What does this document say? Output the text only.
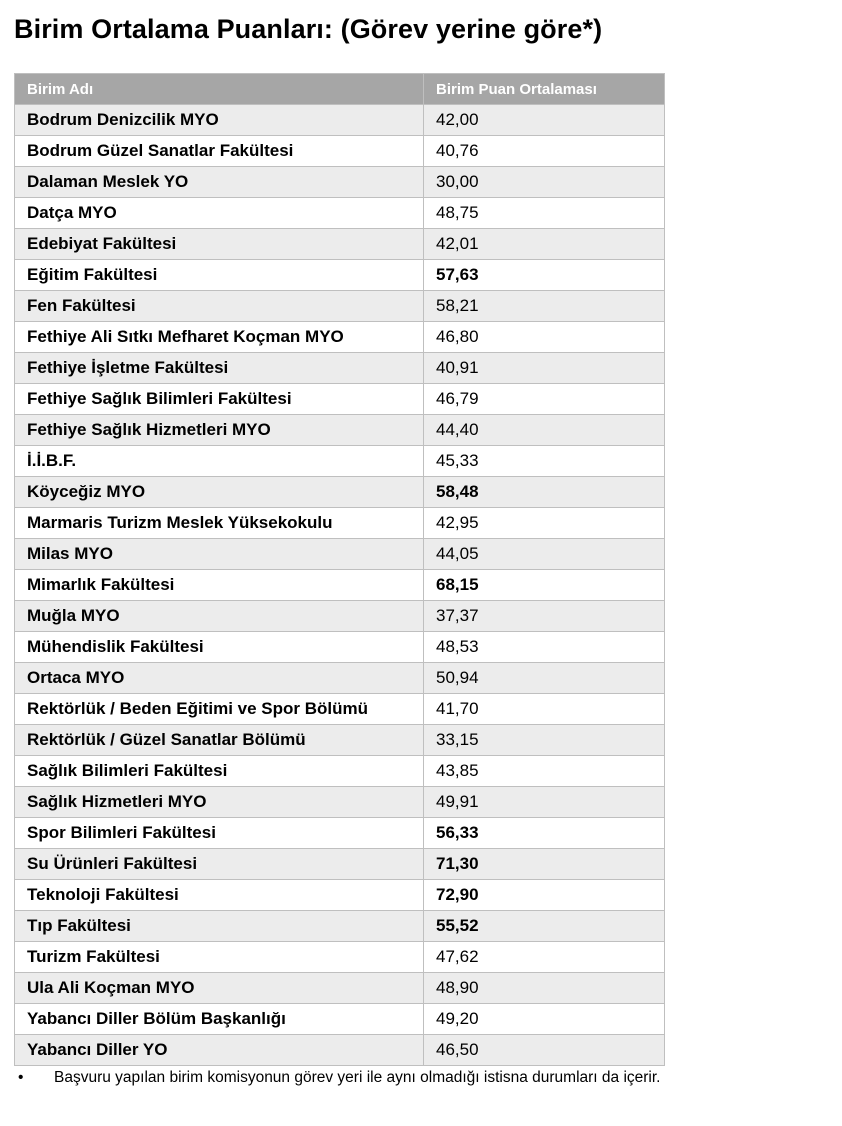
Birim Ortalama Puanları: (Görev yerine göre*)
Birim Adı	Birim Puan Ortalaması
Bodrum Denizcilik MYO	42,00
Bodrum Güzel Sanatlar Fakültesi	40,76
Dalaman Meslek YO	30,00
Datça MYO	48,75
Edebiyat Fakültesi	42,01
Eğitim Fakültesi	57,63
Fen Fakültesi	58,21
Fethiye Ali Sıtkı Mefharet Koçman MYO	46,80
Fethiye İşletme Fakültesi	40,91
Fethiye Sağlık Bilimleri Fakültesi	46,79
Fethiye Sağlık Hizmetleri MYO	44,40
İ.İ.B.F.	45,33
Köyceğiz MYO	58,48
Marmaris Turizm Meslek Yüksekokulu	42,95
Milas MYO	44,05
Mimarlık Fakültesi	68,15
Muğla MYO	37,37
Mühendislik Fakültesi	48,53
Ortaca MYO	50,94
Rektörlük / Beden Eğitimi ve Spor Bölümü	41,70
Rektörlük / Güzel Sanatlar Bölümü	33,15
Sağlık Bilimleri Fakültesi	43,85
Sağlık Hizmetleri MYO	49,91
Spor Bilimleri Fakültesi	56,33
Su Ürünleri Fakültesi	71,30
Teknoloji Fakültesi	72,90
Tıp Fakültesi	55,52
Turizm Fakültesi	47,62
Ula Ali Koçman MYO	48,90
Yabancı Diller Bölüm Başkanlığı	49,20
Yabancı Diller YO	46,50
•	Başvuru yapılan birim komisyonun görev yeri ile aynı olmadığı istisna durumları da içerir.
